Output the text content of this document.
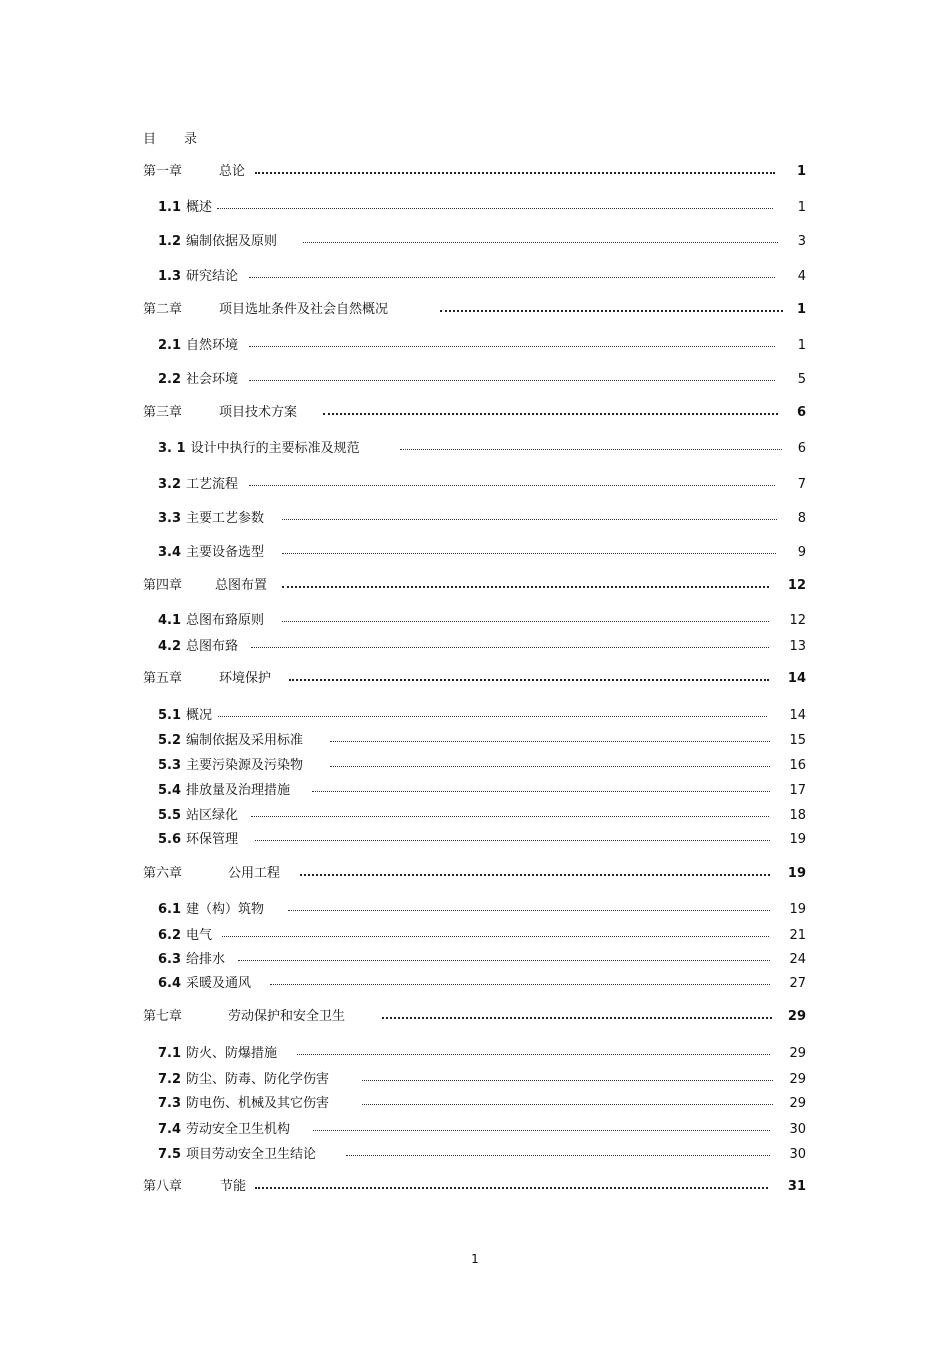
目 录
第一章	总论	1
1.1 概述	1
1.2 编制依据及原则	3
1.3 研究结论	4
第二章	项目选址条件及社会自然概况	1
2.1 自然环境	1
2.2 社会环境	5
第三章	项目技术方案	6
3. 1 设计中执行的主要标准及规范	6
3.2 工艺流程	7
3.3 主要工艺参数	8
3.4 主要设备选型	9
第四章	总图布置	12
4.1 总图布臵原则	12
4.2 总图布臵	13
第五章	环境保护	14
5.1 概况	14
5.2 编制依据及采用标准	15
5.3 主要污染源及污染物	16
5.4 排放量及治理措施	17
5.5 站区绿化	18
5.6 环保管理	19
第六章	公用工程	19
6.1 建（构）筑物	19
6.2 电气	21
6.3 给排水	24
6.4 采暖及通风	27
第七章	劳动保护和安全卫生	29
7.1 防火、防爆措施	29
7.2 防尘、防毒、防化学伤害	29
7.3 防电伤、机械及其它伤害	29
7.4 劳动安全卫生机构	30
7.5 项目劳动安全卫生结论	30
第八章	节能	31
1
